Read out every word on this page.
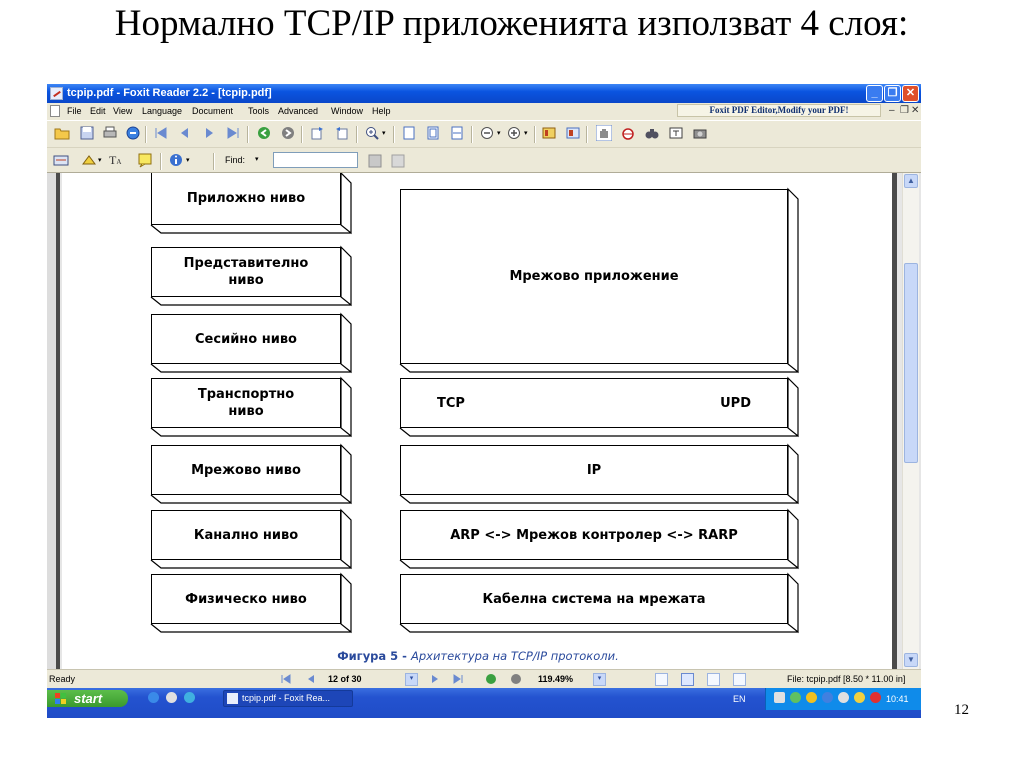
Нормално TCP/IP приложенията използват 4 слоя:
12
tcpip.pdf - Foxit Reader 2.2 - [tcpip.pdf]	_ ❐ ✕
File Edit View Language Document Tools Advanced Window Help	Foxit PDF Editor,Modify your PDF!	– ❐ ✕
▾	▾	▾
▾ TA	▾	Find: ▾
Приложно ниво
Представително ниво
Сесийно ниво
Транспортно ниво
Мрежово ниво
Канално ниво
Физическо ниво
Мрежово приложение
TCP	UPD
IP
ARP <-> Мрежов контролер <-> RARP
Кабелна система на мрежата
Фигура 5 - Архитектура на TCP/IP протоколи.
▲
▼
Ready	12 of 30	▾	119.49%	▾	File: tcpip.pdf [8.50 * 11.00 in]
start	tcpip.pdf - Foxit Rea...	EN	10:41
